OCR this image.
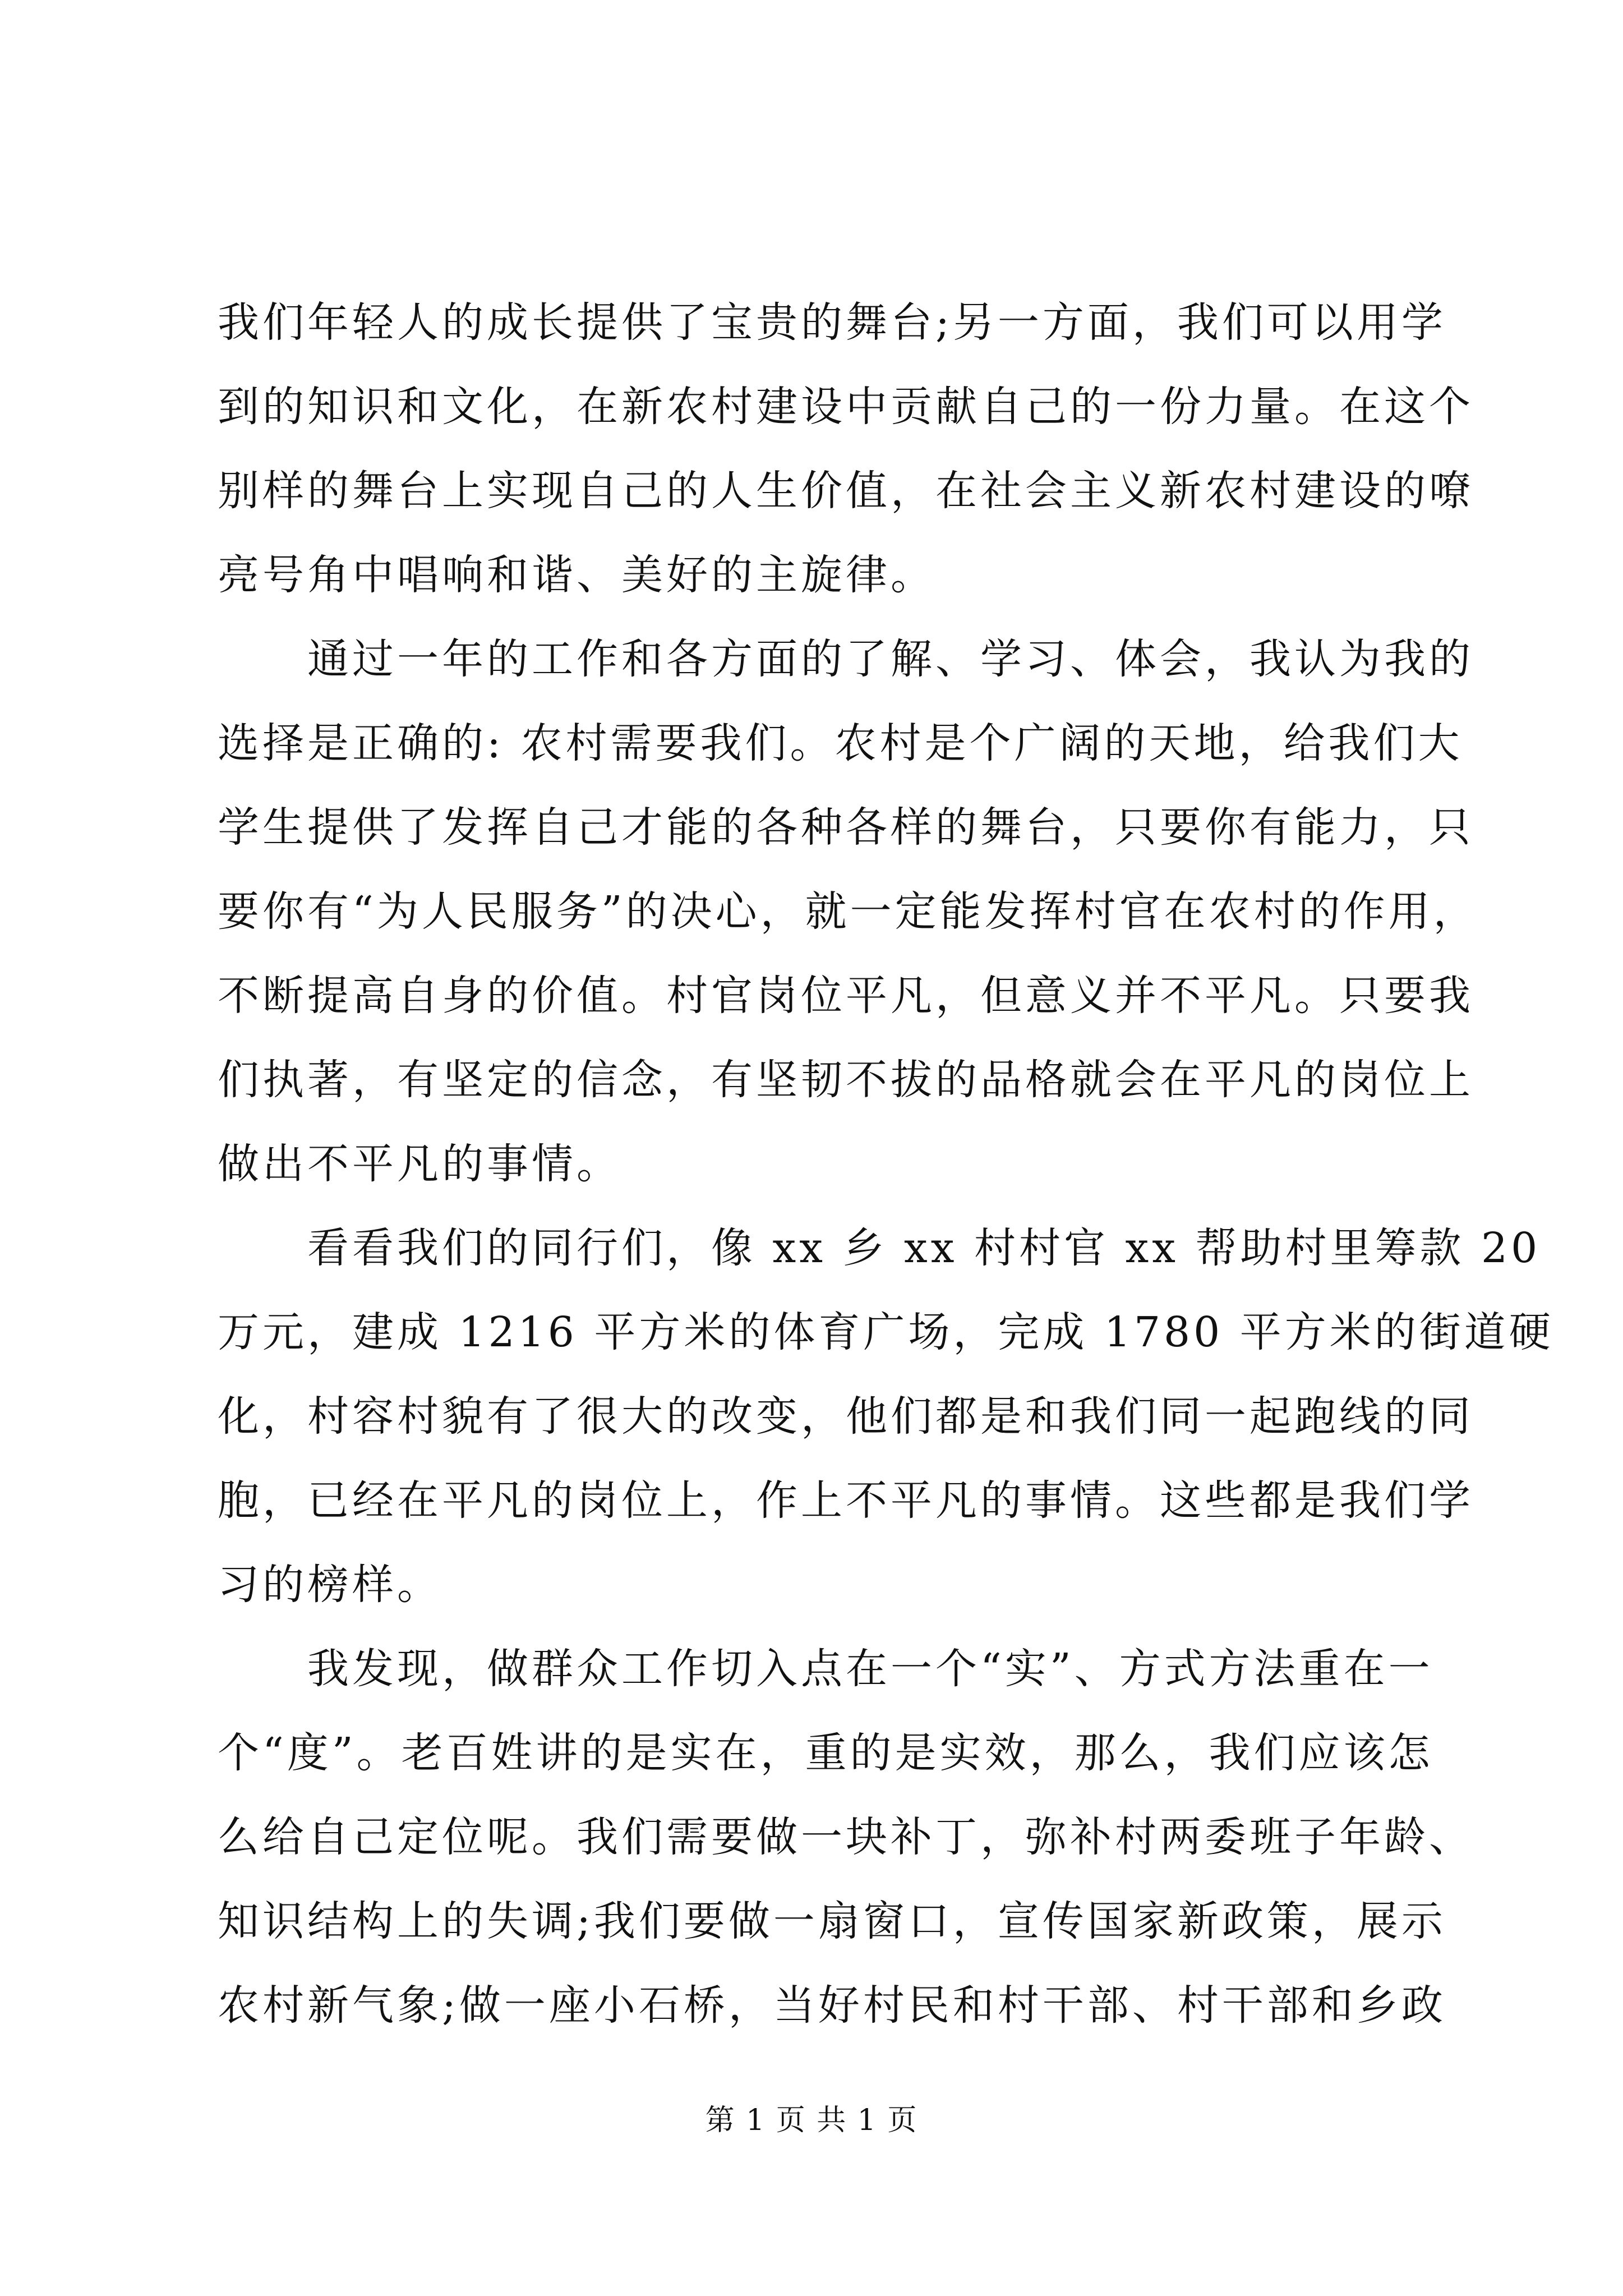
我们年轻人的成长提供了宝贵的舞台;另一方面，我们可以用学
到的知识和文化，在新农村建设中贡献自己的一份力量。在这个
别样的舞台上实现自己的人生价值，在社会主义新农村建设的嘹
亮号角中唱响和谐、美好的主旋律。
通过一年的工作和各方面的了解、学习、体会，我认为我的
选择是正确的: 农村需要我们。农村是个广阔的天地，给我们大
学生提供了发挥自己才能的各种各样的舞台，只要你有能力，只
要你有“为人民服务”的决心，就一定能发挥村官在农村的作用，
不断提高自身的价值。村官岗位平凡，但意义并不平凡。只要我
们执著，有坚定的信念，有坚韧不拔的品格就会在平凡的岗位上
做出不平凡的事情。
看看我们的同行们，像 xx 乡 xx 村村官 xx 帮助村里筹款 20
万元，建成 1216 平方米的体育广场，完成 1780 平方米的街道硬
化，村容村貌有了很大的改变，他们都是和我们同一起跑线的同
胞，已经在平凡的岗位上，作上不平凡的事情。这些都是我们学
习的榜样。
我发现，做群众工作切入点在一个“实”、方式方法重在一
个“度”。老百姓讲的是实在，重的是实效，那么，我们应该怎
么给自己定位呢。我们需要做一块补丁，弥补村两委班子年龄、
知识结构上的失调;我们要做一扇窗口，宣传国家新政策，展示
农村新气象;做一座小石桥，当好村民和村干部、村干部和乡政
第 1 页 共 1 页
